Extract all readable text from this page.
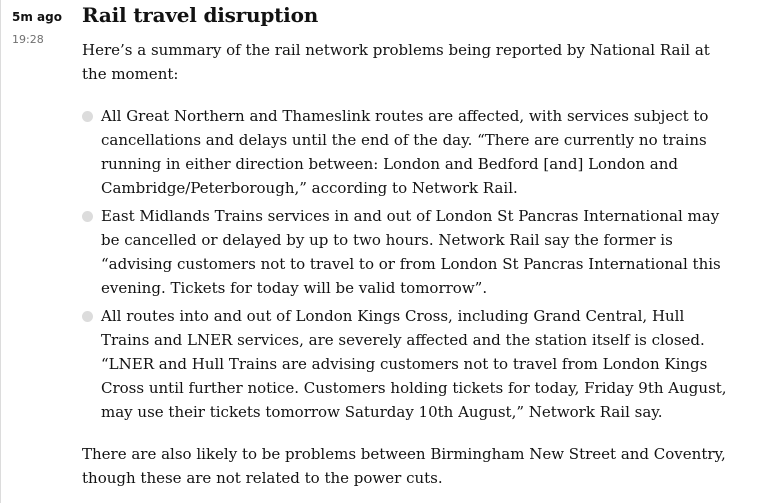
5m ago
19:28
Rail travel disruption

Here’s a summary of the rail network problems being reported by National Rail at the moment:

All Great Northern and Thameslink routes are affected, with services subject to cancellations and delays until the end of the day. “There are currently no trains running in either direction between: London and Bedford [and] London and Cambridge/Peterborough,” according to Network Rail.
East Midlands Trains services in and out of London St Pancras International may be cancelled or delayed by up to two hours. Network Rail say the former is “advising customers not to travel to or from London St Pancras International this evening. Tickets for today will be valid tomorrow”.
All routes into and out of London Kings Cross, including Grand Central, Hull Trains and LNER services, are severely affected and the station itself is closed. “LNER and Hull Trains are advising customers not to travel from London Kings Cross until further notice. Customers holding tickets for today, Friday 9th August, may use their tickets tomorrow Saturday 10th August,” Network Rail say.

There are also likely to be problems between Birmingham New Street and Coventry, though these are not related to the power cuts.
